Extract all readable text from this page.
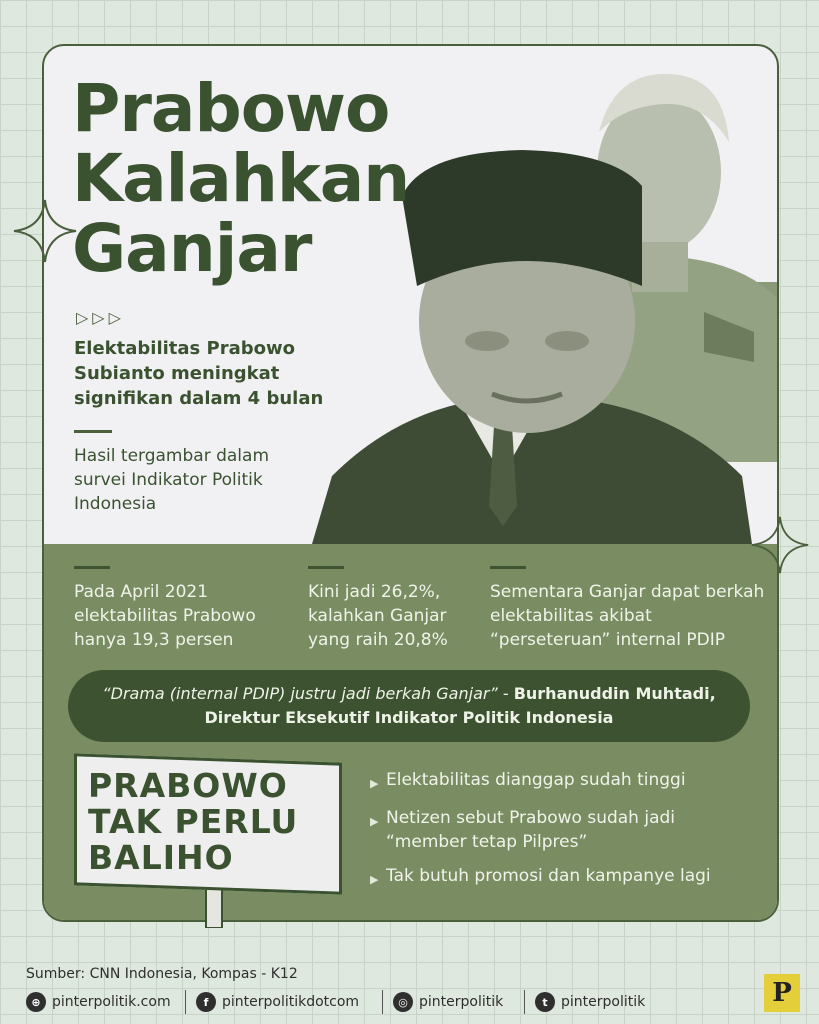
Prabowo
Kalahkan
Ganjar
▷▷▷
Elektabilitas Prabowo Subianto meningkat signifikan dalam 4 bulan
Hasil tergambar dalam survei Indikator Politik Indonesia
Pada April 2021 elektabilitas Prabowo hanya 19,3 persen
Kini jadi 26,2%, kalahkan Ganjar yang raih 20,8%
Sementara Ganjar dapat berkah elektabilitas akibat “perseteruan” internal PDIP
“Drama (internal PDIP) justru jadi berkah Ganjar” - Burhanuddin Muhtadi, Direktur Eksekutif Indikator Politik Indonesia
PRABOWO
TAK PERLU
BALIHO
▶ Elektabilitas dianggap sudah tinggi
▶ Netizen sebut Prabowo sudah jadi “member tetap Pilpres”
▶ Tak butuh promosi dan kampanye lagi
Sumber: CNN Indonesia, Kompas - K12
⊕ pinterpolitik.com	f pinterpolitikdotcom	◎ pinterpolitik	t pinterpolitik	P
